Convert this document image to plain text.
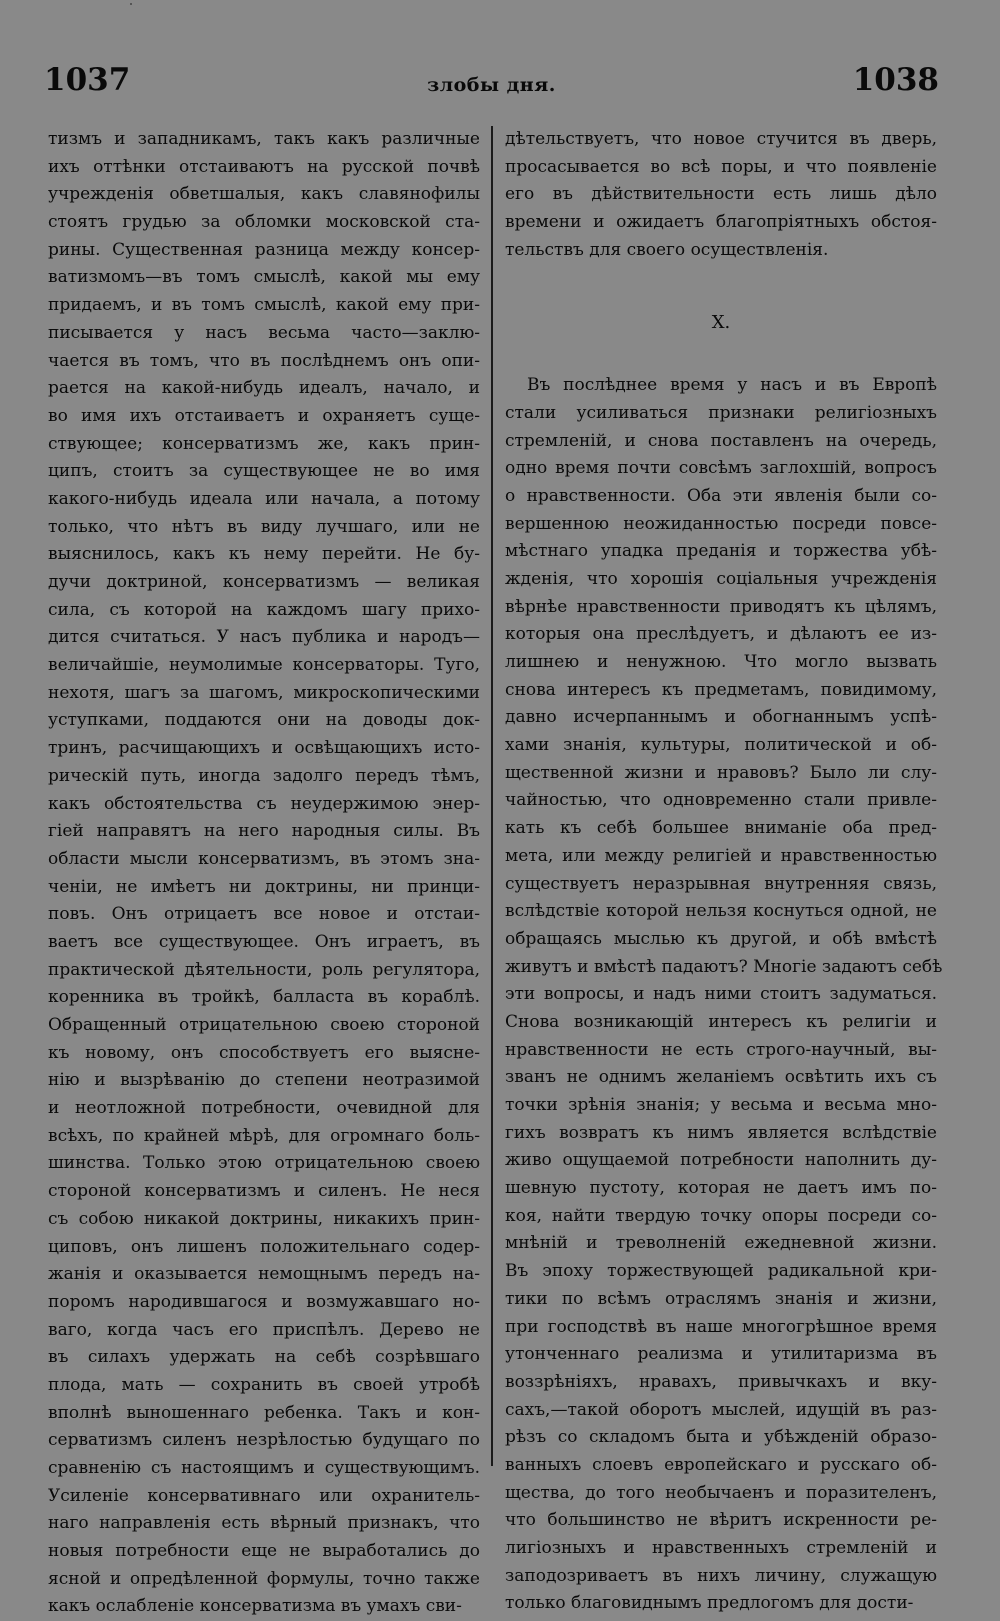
1037	злобы дня.	1038
тизмъ и западникамъ, такъ какъ различные
ихъ оттѣнки отстаиваютъ на русской почвѣ
учрежденія обветшалыя, какъ славянофилы
стоятъ грудью за обломки московской ста-
рины. Существенная разница между консер-
ватизмомъ—въ томъ смыслѣ, какой мы ему
придаемъ, и въ томъ смыслѣ, какой ему при-
писывается у насъ весьма часто—заклю-
чается въ томъ, что въ послѣднемъ онъ опи-
рается на какой-нибудь идеалъ, начало, и
во имя ихъ отстаиваетъ и охраняетъ суще-
ствующее; консерватизмъ же, какъ прин-
ципъ, стоитъ за существующее не во имя
какого-нибудь идеала или начала, а потому
только, что нѣтъ въ виду лучшаго, или не
выяснилось, какъ къ нему перейти. Не бу-
дучи доктриной, консерватизмъ — великая
сила, съ которой на каждомъ шагу прихо-
дится считаться. У насъ публика и народъ—
величайшіе, неумолимые консерваторы. Туго,
нехотя, шагъ за шагомъ, микроскопическими
уступками, поддаются они на доводы док-
тринъ, расчищающихъ и освѣщающихъ исто-
рическій путь, иногда задолго передъ тѣмъ,
какъ обстоятельства съ неудержимою энер-
гіей направятъ на него народныя силы. Въ
области мысли консерватизмъ, въ этомъ зна-
ченіи, не имѣетъ ни доктрины, ни принци-
повъ. Онъ отрицаетъ все новое и отстаи-
ваетъ все существующее. Онъ играетъ, въ
практической дѣятельности, роль регулятора,
коренника въ тройкѣ, балласта въ кораблѣ.
Обращенный отрицательною своею стороной
къ новому, онъ способствуетъ его выясне-
нію и вызрѣванію до степени неотразимой
и неотложной потребности, очевидной для
всѣхъ, по крайней мѣрѣ, для огромнаго боль-
шинства. Только этою отрицательною своею
стороной консерватизмъ и силенъ. Не неся
съ собою никакой доктрины, никакихъ прин-
циповъ, онъ лишенъ положительнаго содер-
жанія и оказывается немощнымъ передъ на-
поромъ народившагося и возмужавшаго но-
ваго, когда часъ его приспѣлъ. Дерево не
въ силахъ удержать на себѣ созрѣвшаго
плода, мать — сохранить въ своей утробѣ
вполнѣ выношеннаго ребенка. Такъ и кон-
серватизмъ силенъ незрѣлостью будущаго по
сравненію съ настоящимъ и существующимъ.
Усиленіе консервативнаго или охранитель-
наго направленія есть вѣрный признакъ, что
новыя потребности еще не выработались до
ясной и опредѣленной формулы, точно также
какъ ослабленіе консерватизма въ умахъ сви-
дѣтельствуетъ, что новое стучится въ дверь,
просасывается во всѣ поры, и что появленіе
его въ дѣйствительности есть лишь дѣло
времени и ожидаетъ благопріятныхъ обстоя-
тельствъ для своего осуществленія.
X.
Въ послѣднее время у насъ и въ Европѣ
стали усиливаться признаки религіозныхъ
стремленій, и снова поставленъ на очередь,
одно время почти совсѣмъ заглохшій, вопросъ
о нравственности. Оба эти явленія были со-
вершенною неожиданностью посреди повсе-
мѣстнаго упадка преданія и торжества убѣ-
жденія, что хорошія соціальныя учрежденія
вѣрнѣе нравственности приводятъ къ цѣлямъ,
которыя она преслѣдуетъ, и дѣлаютъ ее из-
лишнею и ненужною. Что могло вызвать
снова интересъ къ предметамъ, повидимому,
давно исчерпаннымъ и обогнаннымъ успѣ-
хами знанія, культуры, политической и об-
щественной жизни и нравовъ? Было ли слу-
чайностью, что одновременно стали привле-
кать къ себѣ большее вниманіе оба пред-
мета, или между религіей и нравственностью
существуетъ неразрывная внутренняя связь,
вслѣдствіе которой нельзя коснуться одной, не
обращаясь мыслью къ другой, и обѣ вмѣстѣ
живутъ и вмѣстѣ падаютъ? Многіе задаютъ себѣ
эти вопросы, и надъ ними стоитъ задуматься.
Снова возникающій интересъ къ религіи и
нравственности не есть строго-научный, вы-
званъ не однимъ желаніемъ освѣтить ихъ съ
точки зрѣнія знанія; у весьма и весьма мно-
гихъ возвратъ къ нимъ является вслѣдствіе
живо ощущаемой потребности наполнить ду-
шевную пустоту, которая не даетъ имъ по-
коя, найти твердую точку опоры посреди со-
мнѣній и треволненій ежедневной жизни.
Въ эпоху торжествующей радикальной кри-
тики по всѣмъ отраслямъ знанія и жизни,
при господствѣ въ наше многогрѣшное время
утонченнаго реализма и утилитаризма въ
воззрѣніяхъ, нравахъ, привычкахъ и вку-
сахъ,—такой оборотъ мыслей, идущій въ раз-
рѣзъ со складомъ быта и убѣжденій образо-
ванныхъ слоевъ европейскаго и русскаго об-
щества, до того необычаенъ и поразителенъ,
что большинство не вѣритъ искренности ре-
лигіозныхъ и нравственныхъ стремленій и
заподозриваетъ въ нихъ личину, служащую
только благовиднымъ предлогомъ для дости-
